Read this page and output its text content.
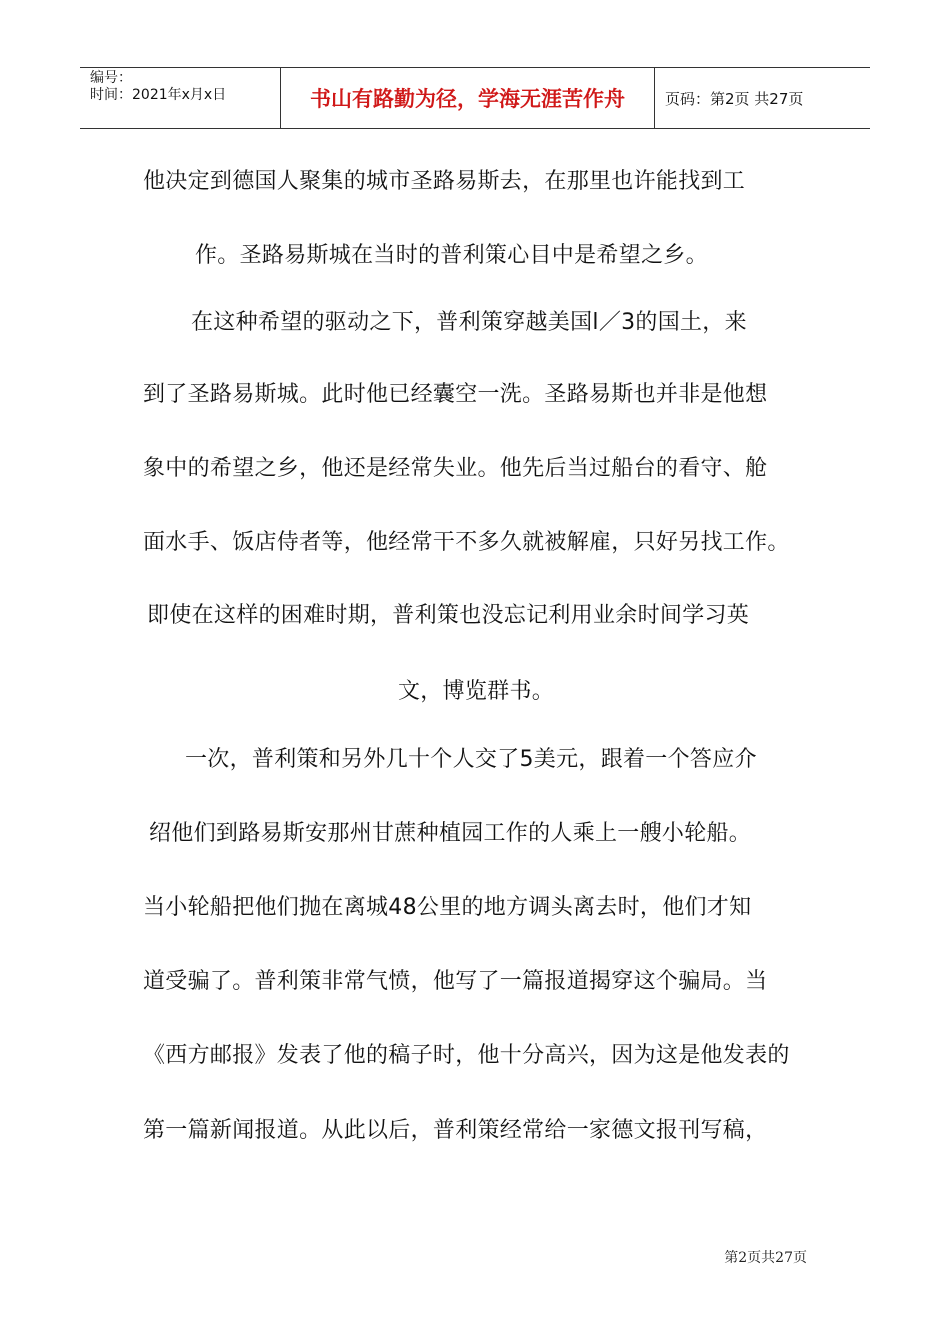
编号：
时间：2021年x月x日	书山有路勤为径，学海无涯苦作舟	页码：第2页 共27页
他决定到德国人聚集的城市圣路易斯去，在那里也许能找到工
作。圣路易斯城在当时的普利策心目中是希望之乡。
在这种希望的驱动之下，普利策穿越美国l／3的国土，来
到了圣路易斯城。此时他已经囊空一洗。圣路易斯也并非是他想
象中的希望之乡，他还是经常失业。他先后当过船台的看守、舱
面水手、饭店侍者等，他经常干不多久就被解雇，只好另找工作。
即使在这样的困难时期，普利策也没忘记利用业余时间学习英
文，博览群书。
一次，普利策和另外几十个人交了5美元，跟着一个答应介
绍他们到路易斯安那州甘蔗种植园工作的人乘上一艘小轮船。
当小轮船把他们抛在离城48公里的地方调头离去时，他们才知
道受骗了。普利策非常气愤，他写了一篇报道揭穿这个骗局。当
《西方邮报》发表了他的稿子时，他十分高兴，因为这是他发表的
第一篇新闻报道。从此以后，普利策经常给一家德文报刊写稿，
第2页共27页
